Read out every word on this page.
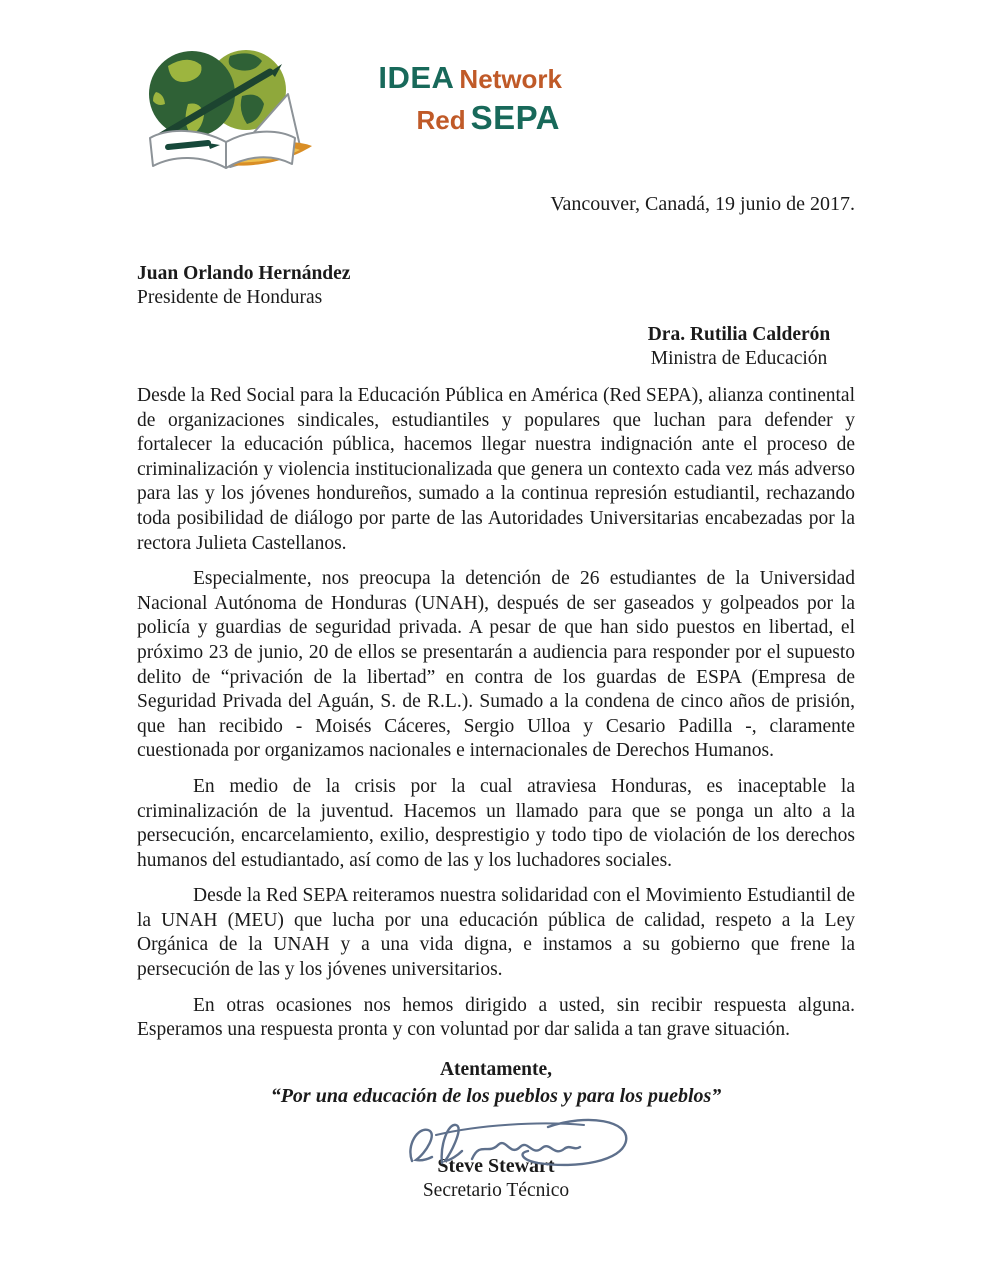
IDEA Network
Red SEPA
Vancouver, Canadá, 19 junio de 2017.
Juan Orlando Hernández
Presidente de Honduras
Dra. Rutilia Calderón
Ministra de Educación

Desde la Red Social para la Educación Pública en América (Red SEPA), alianza continental de organizaciones sindicales, estudiantiles y populares que luchan para defender y fortalecer la educación pública, hacemos llegar nuestra indignación ante el proceso de criminalización y violencia institucionalizada que genera un contexto cada vez más adverso para las y los jóvenes hondureños, sumado a la continua represión estudiantil, rechazando toda posibilidad de diálogo por parte de las Autoridades Universitarias encabezadas por la rectora Julieta Castellanos.

Especialmente, nos preocupa la detención de 26 estudiantes de la Universidad Nacional Autónoma de Honduras (UNAH), después de ser gaseados y golpeados por la policía y guardias de seguridad privada. A pesar de que han sido puestos en libertad, el próximo 23 de junio, 20 de ellos se presentarán a audiencia para responder por el supuesto delito de “privación de la libertad” en contra de los guardas de ESPA (Empresa de Seguridad Privada del Aguán, S. de R.L.). Sumado a la condena de cinco años de prisión, que han recibido - Moisés Cáceres, Sergio Ulloa y Cesario Padilla -, claramente cuestionada por organizamos nacionales e internacionales de Derechos Humanos.

En medio de la crisis por la cual atraviesa Honduras, es inaceptable la criminalización de la juventud. Hacemos un llamado para que se ponga un alto a la persecución, encarcelamiento, exilio, desprestigio y todo tipo de violación de los derechos humanos del estudiantado, así como de las y los luchadores sociales.

Desde la Red SEPA reiteramos nuestra solidaridad con el Movimiento Estudiantil de la UNAH (MEU) que lucha por una educación pública de calidad, respeto a la Ley Orgánica de la UNAH y a una vida digna, e instamos a su gobierno que frene la persecución de las y los jóvenes universitarios.

En otras ocasiones nos hemos dirigido a usted, sin recibir respuesta alguna. Esperamos una respuesta pronta y con voluntad por dar salida a tan grave situación.

Atentamente,
“Por una educación de los pueblos y para los pueblos”
Steve Stewart
Secretario Técnico
